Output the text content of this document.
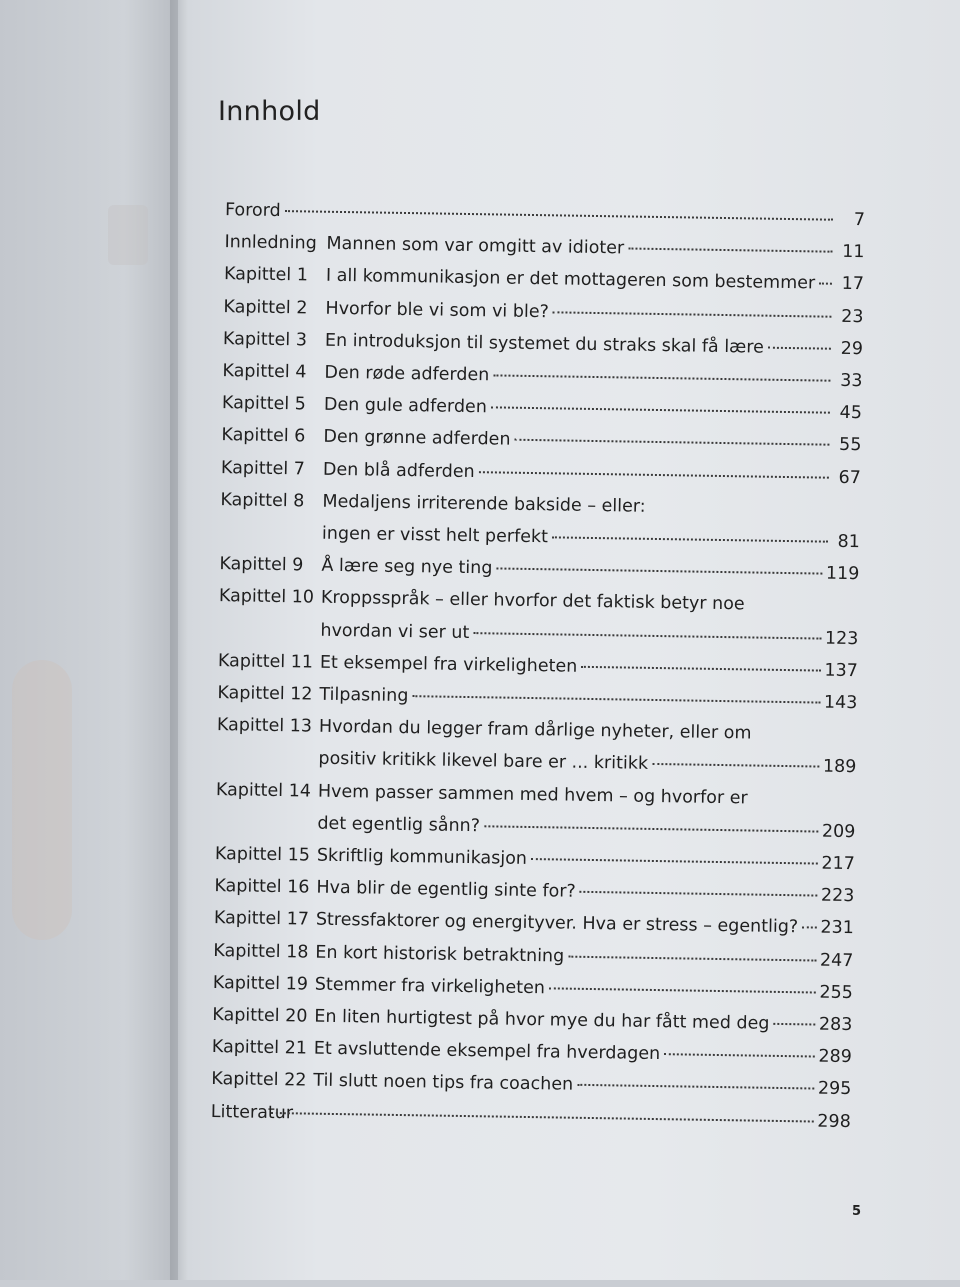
Innhold
Forord	7
Innledning Mannen som var omgitt av idioter	11
Kapittel 1 I all kommunikasjon er det mottageren som bestemmer	17
Kapittel 2 Hvorfor ble vi som vi ble?	23
Kapittel 3 En introduksjon til systemet du straks skal få lære	29
Kapittel 4 Den røde adferden	33
Kapittel 5 Den gule adferden	45
Kapittel 6 Den grønne adferden	55
Kapittel 7 Den blå adferden	67
Kapittel 8 Medaljens irriterende bakside – eller:
ingen er visst helt perfekt	81
Kapittel 9 Å lære seg nye ting	119
Kapittel 10 Kroppsspråk – eller hvorfor det faktisk betyr noe
hvordan vi ser ut	123
Kapittel 11 Et eksempel fra virkeligheten	137
Kapittel 12 Tilpasning	143
Kapittel 13 Hvordan du legger fram dårlige nyheter, eller om
positiv kritikk likevel bare er ... kritikk	189
Kapittel 14 Hvem passer sammen med hvem – og hvorfor er
det egentlig sånn?	209
Kapittel 15 Skriftlig kommunikasjon	217
Kapittel 16 Hva blir de egentlig sinte for?	223
Kapittel 17 Stressfaktorer og energityver. Hva er stress – egentlig? 231
Kapittel 18 En kort historisk betraktning	247
Kapittel 19 Stemmer fra virkeligheten	255
Kapittel 20 En liten hurtigtest på hvor mye du har fått med deg	283
Kapittel 21 Et avsluttende eksempel fra hverdagen	289
Kapittel 22 Til slutt noen tips fra coachen	295
Litteratur	298
5
